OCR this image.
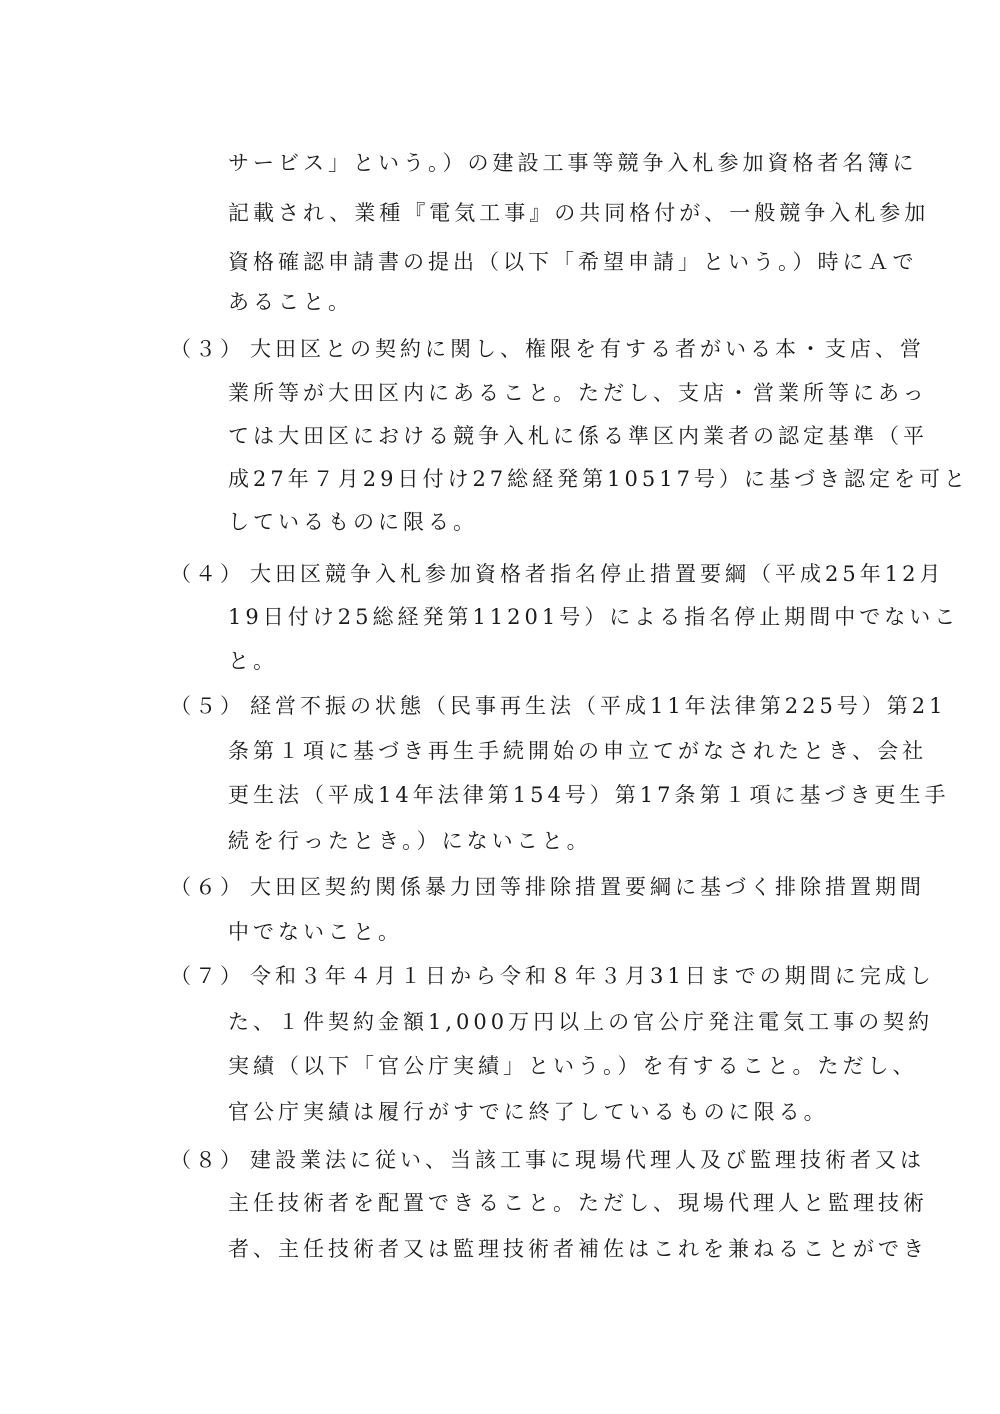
サービス」という。）の建設工事等競争入札参加資格者名簿に
記載され、業種『電気工事』の共同格付が、一般競争入札参加
資格確認申請書の提出（以下「希望申請」という。）時にＡで
あること。
（３） 大田区との契約に関し、権限を有する者がいる本・支店、営
業所等が大田区内にあること。ただし、支店・営業所等にあっ
ては大田区における競争入札に係る準区内業者の認定基準（平
成27年７月29日付け27総経発第10517号）に基づき認定を可と
しているものに限る。
（４） 大田区競争入札参加資格者指名停止措置要綱（平成25年12月
19日付け25総経発第11201号）による指名停止期間中でないこ
と。
（５） 経営不振の状態（民事再生法（平成11年法律第225号）第21
条第１項に基づき再生手続開始の申立てがなされたとき、会社
更生法（平成14年法律第154号）第17条第１項に基づき更生手
続を行ったとき。）にないこと。
（６） 大田区契約関係暴力団等排除措置要綱に基づく排除措置期間
中でないこと。
（７） 令和３年４月１日から令和８年３月31日までの期間に完成し
た、１件契約金額1,000万円以上の官公庁発注電気工事の契約
実績（以下「官公庁実績」という。）を有すること。ただし、
官公庁実績は履行がすでに終了しているものに限る。
（８） 建設業法に従い、当該工事に現場代理人及び監理技術者又は
主任技術者を配置できること。ただし、現場代理人と監理技術
者、主任技術者又は監理技術者補佐はこれを兼ねることができ
